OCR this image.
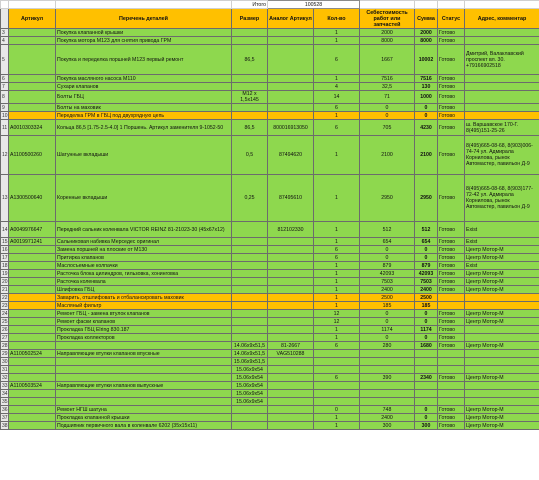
			Итого	100528					
	Артикул	Перечень деталей	Размер	Аналог Артикул	Кол-во	Себестоимость работ или запчастей	Сумма	Статус	Адрес, комментар
3		Покупка клапанной крышки			1	2000	2000	Готово	
4		Покупка мотора M123 для снятия привода ГРМ			1	8000	8000	Готово	
5		Покупка и переделка поршней M123 первый ремонт	86,5		6	1667	10002	Готово	Дмитрий, Валаклавский проспект вл. 30. +79166902518
6		Покупка масляного насоса M110			1	7516	7516	Готово	
7		Сухари клапанов			4	32,5	130	Готово	
8		Болты ГБЦ	M12 x 1,5x145		14	71	1000	Готово	
9		Болты на маховик			6	0	0	Готово	
10		Переделка ГРМ в ГБЦ под двухрядную цепь			1	0	0	Готово	
11	A0010303324	Кольца 86,5 [1.75-2.5-4.0] 1 Поршень. Артикул заменителя 9-1052-50	86,5	800016913050	6	705	4230	Готово	ш. Варшавское 170-Г. 8(495)151-25-26
12	A1100500260	Шатунные вкладыши	0,5	87494620	1	2100	2100	Готово	8(495)665-08-68, 8(903)006-74-74 ул. Адмирала Корнилова, рынок Автомастер, павильон Д-9
13	A1300500640	Коренные вкладыши	0,25	87495610	1	2950	2950	Готово	8(495)665-08-68, 8(903)177-72-42 ул. Адмирала Корнилова, рынок Автомастер, павильон Д-9
14	A0049976647	Передний сальник коленвала VICTOR REINZ 81-21023-30 (45x67x12)		812102330	1	512	512	Готово	Exist
15	A0019971241	Сальниковая набивка Мерседес оригинал			1	654	654	Готово	Exist
16		Замена поршней на плоские от M130			6	0	0	Готово	Центр Мотор-М
17		Притирка клапанов			6	0	0	Готово	Центр Мотор-М
18		Маслосъемные колпачки			1	879	879	Готово	Exist
19		Расточка блока цилиндров, гильзовка, хонинговка			1	42093	42093	Готово	Центр Мотор-М
20		Расточка коленвала			1	7503	7503	Готово	Центр Мотор-М
21		Шлифовка ГБЦ			1	2400	2400	Готово	Центр Мотор-М
22		Заварить, отшлифовать и отбалансировать маховик			1	2500	2500		
23		Масляный фильтр			1	185	185		
24		Ремонт ГБЦ - замена втулок клапанов			12	0	0	Готово	Центр Мотор-М
25		Ремонт фаски клапанов			12	0	0	Готово	Центр Мотор-М
26		Прокладка ГБЦ Elring 830.187			1	1174	1174	Готово	
27		Прокладка коллекторов			1	0	0	Готово	
28			14.06x9x51,5	81-2667	6	280	1680	Готово	Центр Мотор-М
29	A1100502524	Направляющие втулки клапанов впускные	14.06x9x51,5	VAG510288					
30			15.06x9x51,5						
31			15.06x9x54						
32			15.06x9x54		6	390	2340	Готово	Центр Мотор-М
33	A1100503524	Направляющие втулки клапанов выпускные	15.06x9x54						
34			15.06x9x54						
35			15.06x9x54						
36		Ремонт НГШ шатуна			0	748	0	Готово	Центр Мотор-М
37		Прокладка клапанной крышки			1	2400	0	Готово	Центр Мотор-М
38		Подшипник первичного вала в коленвале 6202 (35x15x11)			1	300	300	Готово	Центр Мотор-М
